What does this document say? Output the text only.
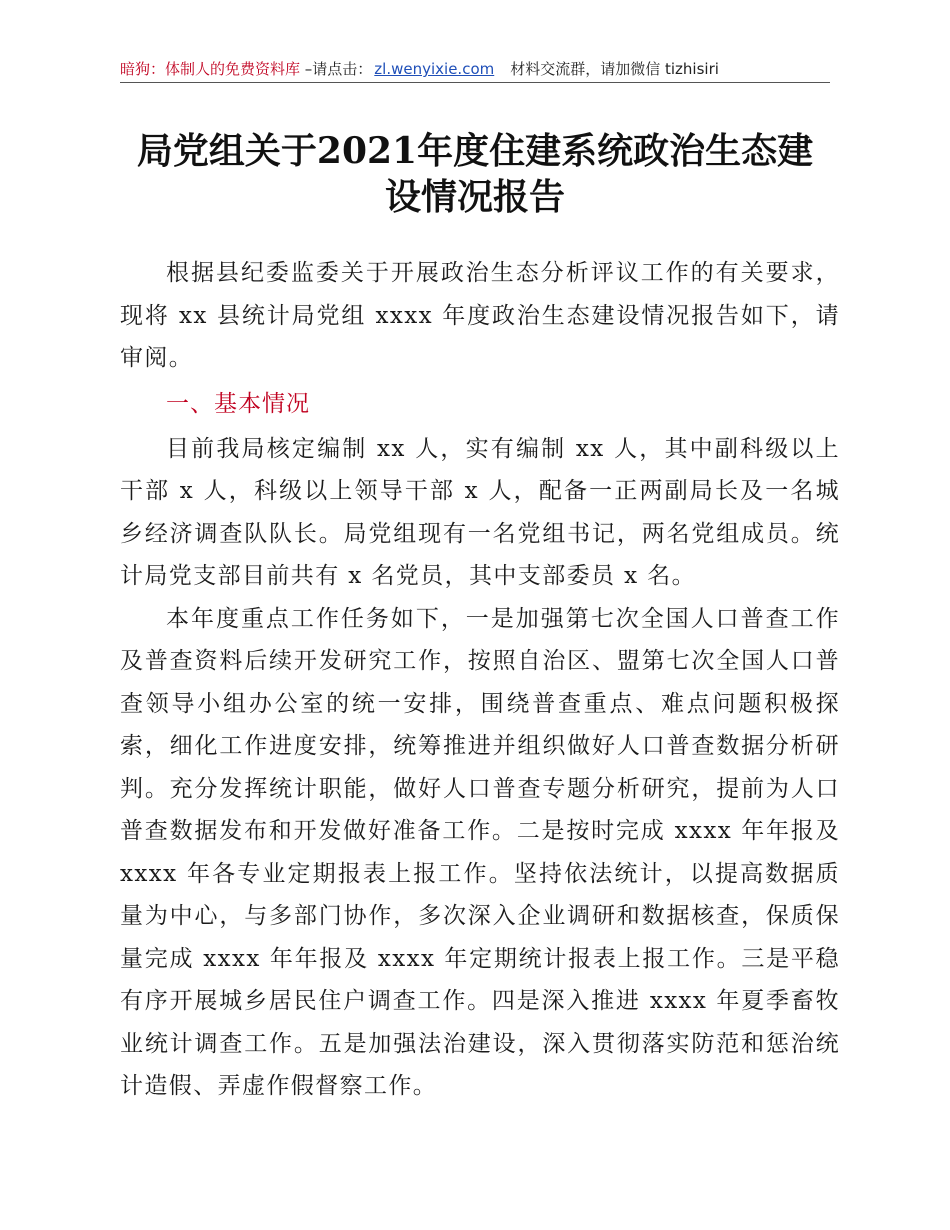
暗狗：体制人的免费资料库 –请点击： zl.wenyixie.com 材料交流群，请加微信 tizhisiri
局党组关于2021年度住建系统政治生态建设情况报告

根据县纪委监委关于开展政治生态分析评议工作的有关要求，现将 xx 县统计局党组 xxxx 年度政治生态建设情况报告如下，请审阅。

一、基本情况

目前我局核定编制 xx 人，实有编制 xx 人，其中副科级以上干部 x 人，科级以上领导干部 x 人，配备一正两副局长及一名城乡经济调查队队长。局党组现有一名党组书记，两名党组成员。统计局党支部目前共有 x 名党员，其中支部委员 x 名。

本年度重点工作任务如下，一是加强第七次全国人口普查工作及普查资料后续开发研究工作，按照自治区、盟第七次全国人口普查领导小组办公室的统一安排，围绕普查重点、难点问题积极探索，细化工作进度安排，统筹推进并组织做好人口普查数据分析研判。充分发挥统计职能，做好人口普查专题分析研究，提前为人口普查数据发布和开发做好准备工作。二是按时完成 xxxx 年年报及 xxxx 年各专业定期报表上报工作。坚持依法统计，以提高数据质量为中心，与多部门协作，多次深入企业调研和数据核查，保质保量完成 xxxx 年年报及 xxxx 年定期统计报表上报工作。三是平稳有序开展城乡居民住户调查工作。四是深入推进 xxxx 年夏季畜牧业统计调查工作。五是加强法治建设，深入贯彻落实防范和惩治统计造假、弄虚作假督察工作。
